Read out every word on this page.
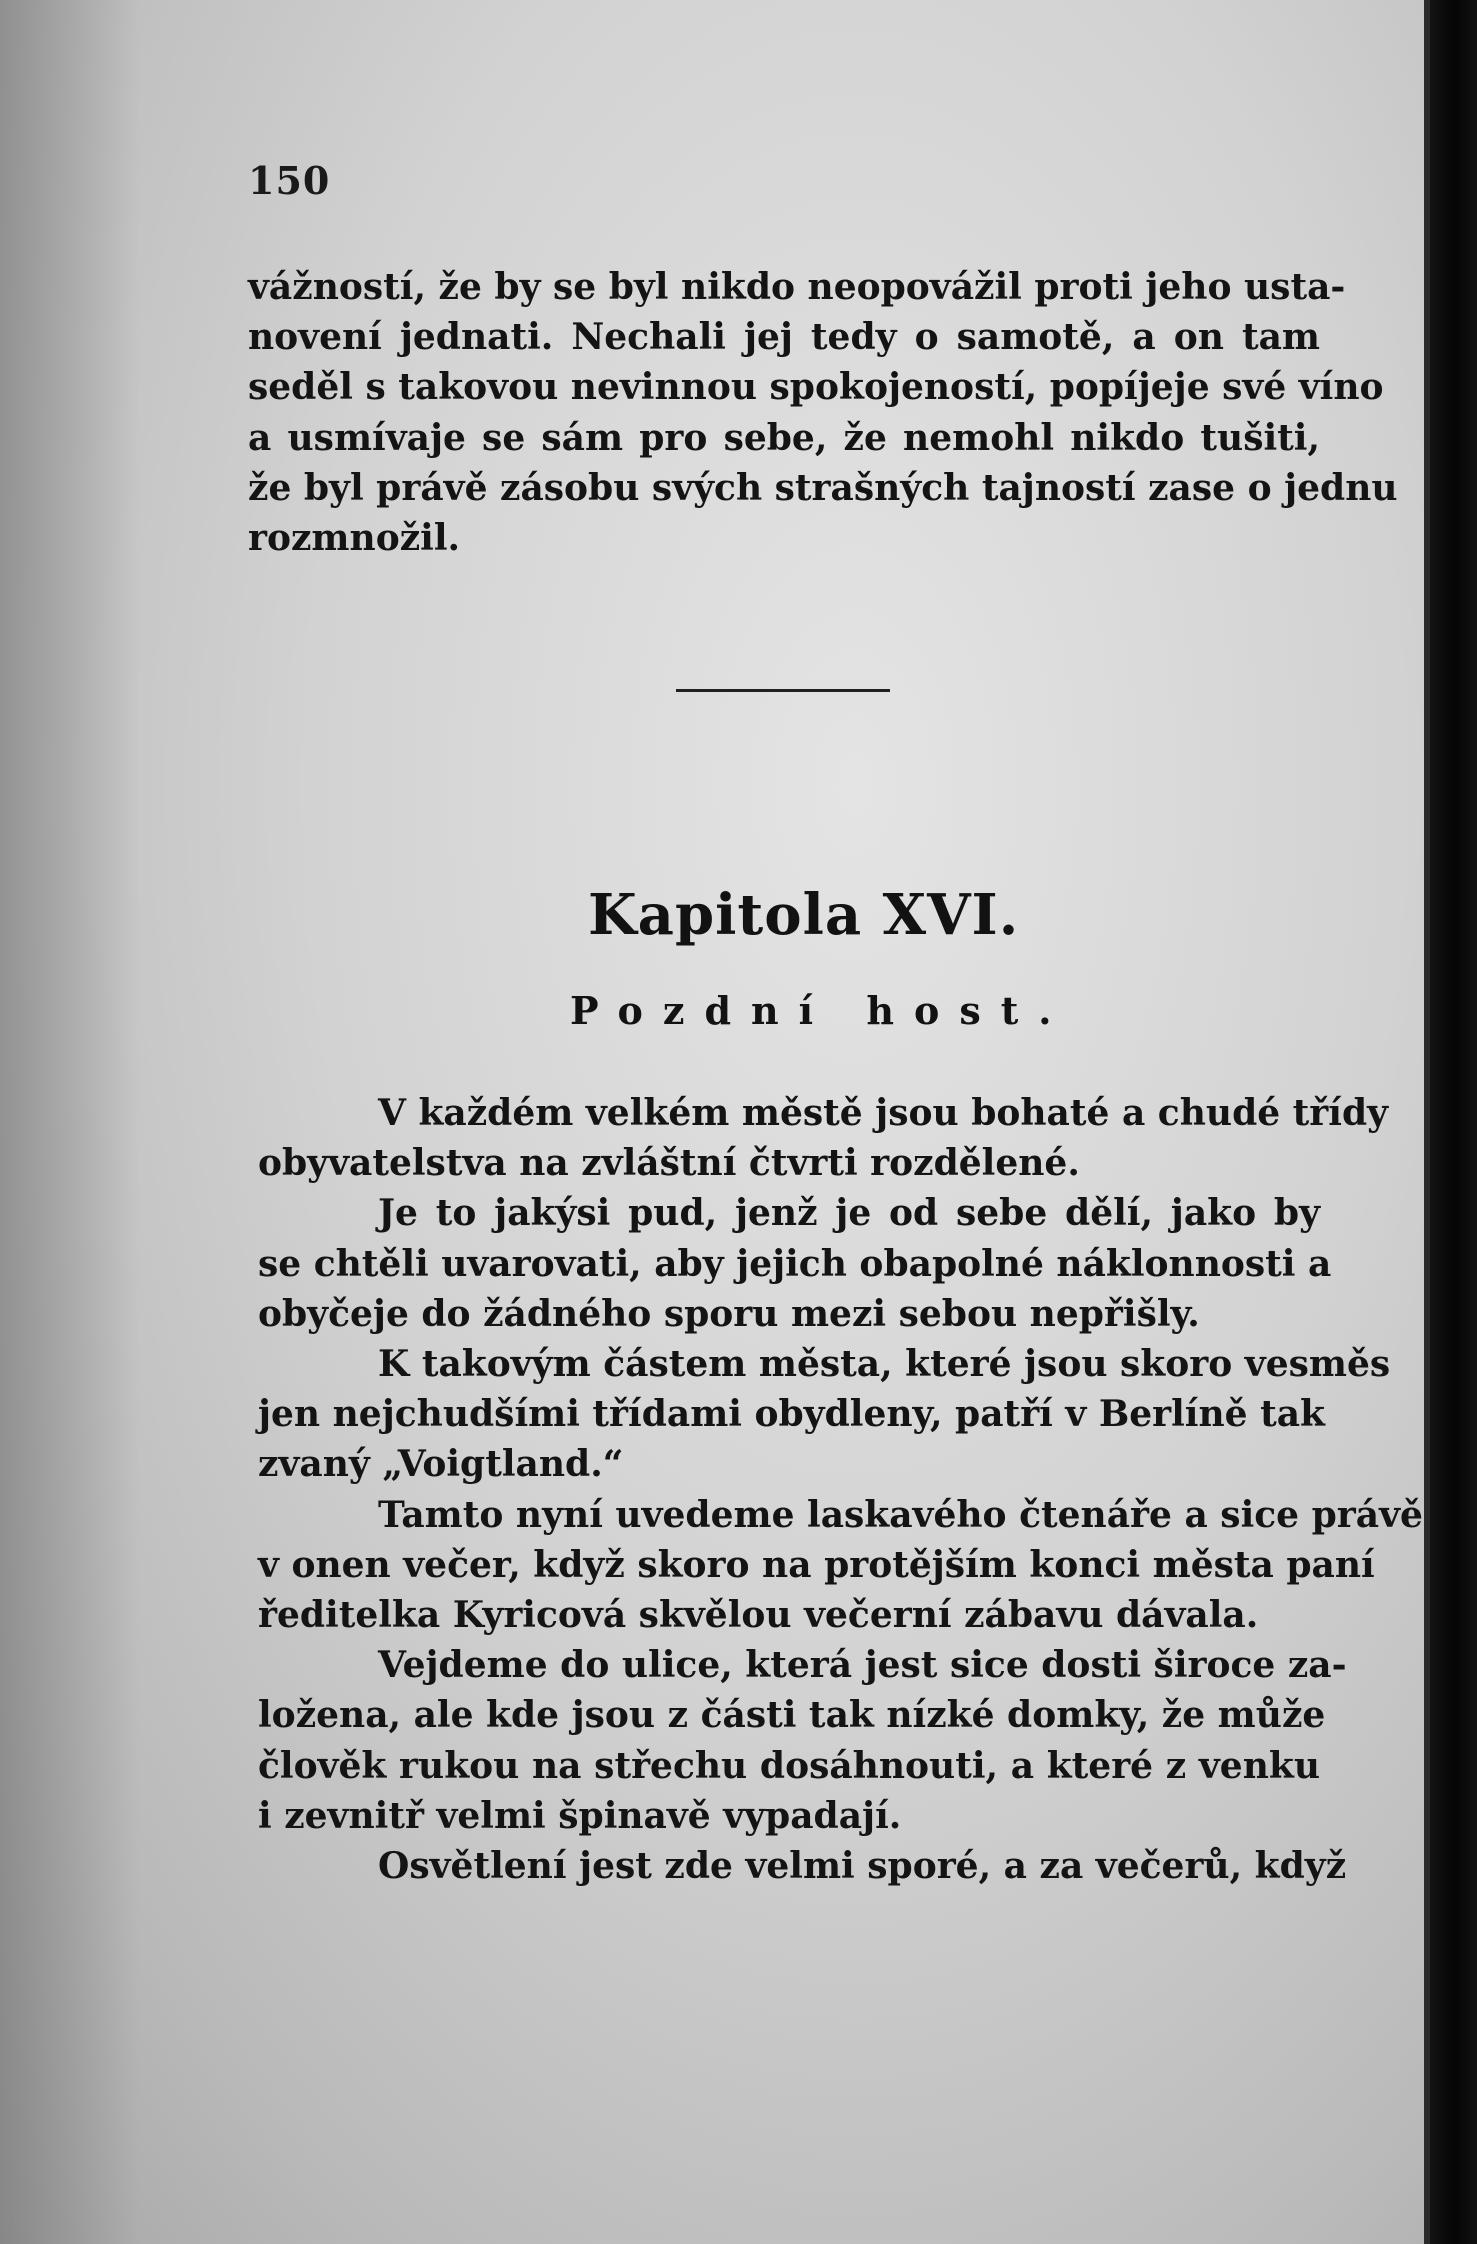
150
vážností, že by se byl nikdo neopovážil proti jeho usta-
novení jednati. Nechali jej tedy o samotě, a on tam
seděl s takovou nevinnou spokojeností, popíjeje své víno
a usmívaje se sám pro sebe, že nemohl nikdo tušiti,
že byl právě zásobu svých strašných tajností zase o jednu
rozmnožil.
Kapitola XVI.
Pozdní host.

V každém velkém městě jsou bohaté a chudé třídy
obyvatelstva na zvláštní čtvrti rozdělené.

Je to jakýsi pud, jenž je od sebe dělí, jako by
se chtěli uvarovati, aby jejich obapolné náklonnosti a
obyčeje do žádného sporu mezi sebou nepřišly.

K takovým částem města, které jsou skoro vesměs
jen nejchudšími třídami obydleny, patří v Berlíně tak
zvaný „Voigtland.“

Tamto nyní uvedeme laskavého čtenáře a sice právě
v onen večer, když skoro na protějším konci města paní
ředitelka Kyricová skvělou večerní zábavu dávala.

Vejdeme do ulice, která jest sice dosti široce za-
ložena, ale kde jsou z části tak nízké domky, že může
člověk rukou na střechu dosáhnouti, a které z venku
i zevnitř velmi špinavě vypadají.

Osvětlení jest zde velmi sporé, a za večerů, když
